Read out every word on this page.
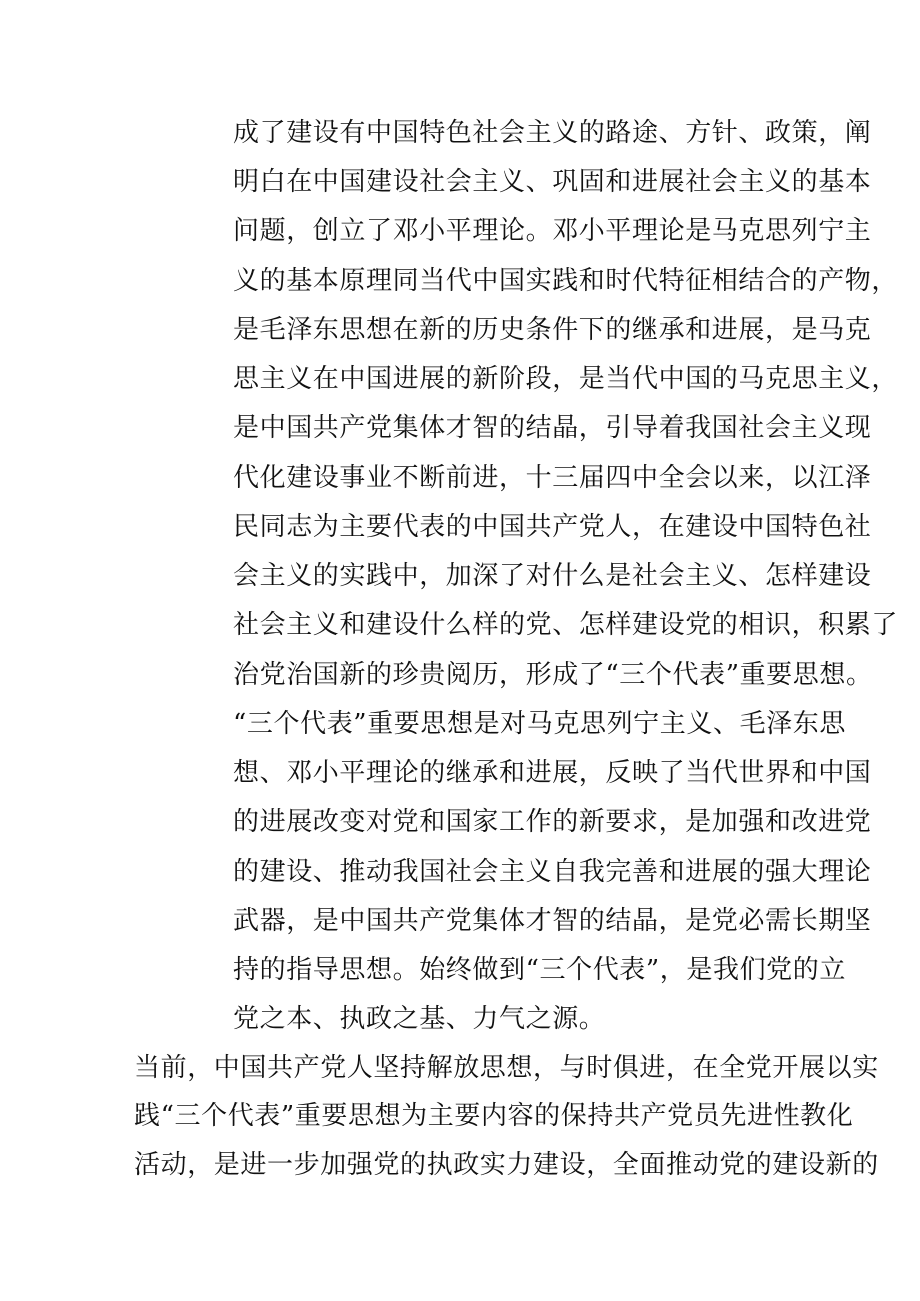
成了建设有中国特色社会主义的路途、方针、政策，阐
明白在中国建设社会主义、巩固和进展社会主义的基本
问题，创立了邓小平理论。邓小平理论是马克思列宁主
义的基本原理同当代中国实践和时代特征相结合的产物，
是毛泽东思想在新的历史条件下的继承和进展，是马克
思主义在中国进展的新阶段，是当代中国的马克思主义，
是中国共产党集体才智的结晶，引导着我国社会主义现
代化建设事业不断前进，十三届四中全会以来，以江泽
民同志为主要代表的中国共产党人，在建设中国特色社
会主义的实践中，加深了对什么是社会主义、怎样建设
社会主义和建设什么样的党、怎样建设党的相识，积累了
治党治国新的珍贵阅历，形成了“三个代表”重要思想。
“三个代表”重要思想是对马克思列宁主义、毛泽东思
想、邓小平理论的继承和进展，反映了当代世界和中国
的进展改变对党和国家工作的新要求，是加强和改进党
的建设、推动我国社会主义自我完善和进展的强大理论
武器，是中国共产党集体才智的结晶，是党必需长期坚
持的指导思想。始终做到“三个代表”，是我们党的立
党之本、执政之基、力气之源。
当前，中国共产党人坚持解放思想，与时俱进，在全党开展以实
践“三个代表”重要思想为主要内容的保持共产党员先进性教化
活动，是进一步加强党的执政实力建设，全面推动党的建设新的
